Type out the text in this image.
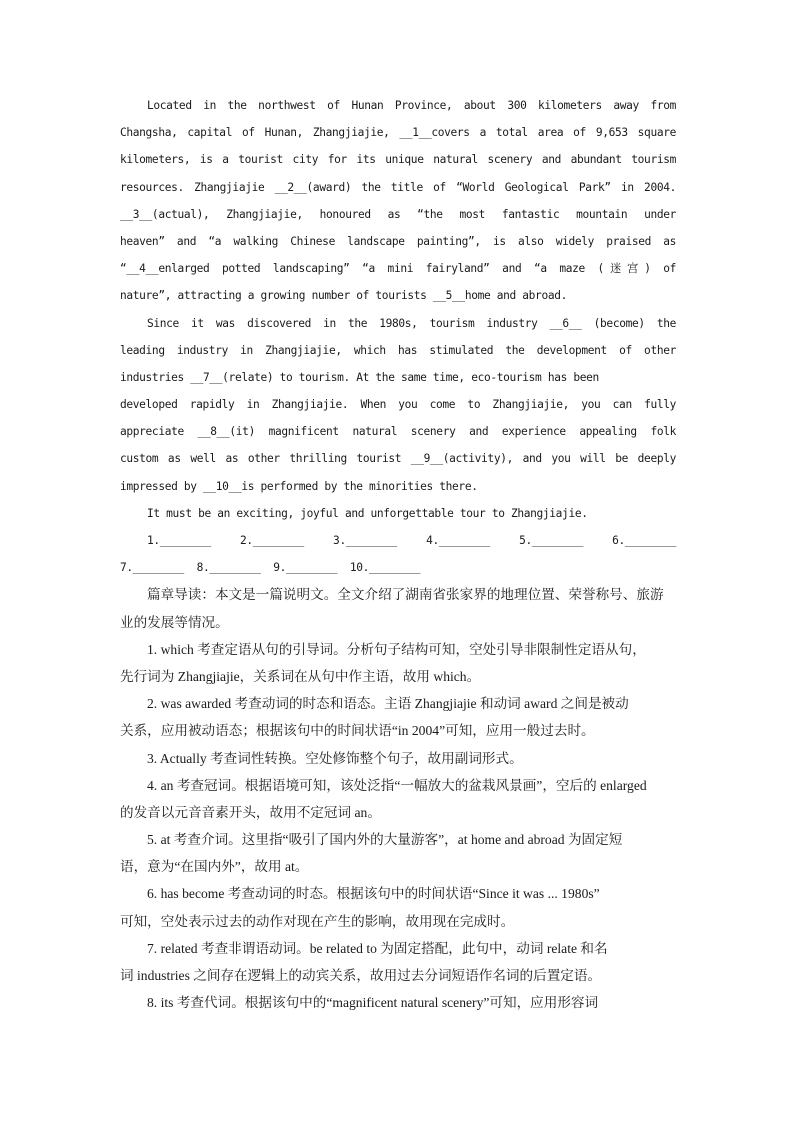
Located in the northwest of Hunan Province, about 300 kilometers away from
Changsha, capital of Hunan, Zhangjiajie, __1__covers a total area of 9,653 square
kilometers, is a tourist city for its unique natural scenery and abundant tourism
resources. Zhangjiajie __2__(award) the title of “World Geological Park” in 2004.
__3__(actual), Zhangjiajie, honoured as “the most fantastic mountain under
heaven” and “a walking Chinese landscape painting”, is also widely praised as
“__4__enlarged potted landscaping” “a mini fairyland” and “a maze (迷宫) of
nature”, attracting a growing number of tourists __5__home and abroad.
Since it was discovered in the 1980s, tourism industry __6__ (become) the
leading industry in Zhangjiajie, which has stimulated the development of other
industries __7__(relate) to tourism. At the same time, eco-tourism has been
developed rapidly in Zhangjiajie. When you come to Zhangjiajie, you can fully
appreciate __8__(it) magnificent natural scenery and experience appealing folk
custom as well as other thrilling tourist __9__(activity), and you will be deeply
impressed by __10__is performed by the minorities there.
It must be an exciting, joyful and unforgettable tour to Zhangjiajie.
1.________ 2.________ 3.________ 4.________ 5.________ 6.________
7.________  8.________  9.________  10.________
篇章导读：本文是一篇说明文。全文介绍了湖南省张家界的地理位置、荣誉称号、旅游
业的发展等情况。
1. which 考查定语从句的引导词。分析句子结构可知，空处引导非限制性定语从句，
先行词为 Zhangjiajie，关系词在从句中作主语，故用 which。
2. was awarded 考查动词的时态和语态。主语 Zhangjiajie 和动词 award 之间是被动
关系，应用被动语态；根据该句中的时间状语“in 2004”可知，应用一般过去时。
3. Actually 考查词性转换。空处修饰整个句子，故用副词形式。
4. an 考查冠词。根据语境可知，该处泛指“一幅放大的盆栽风景画”，空后的 enlarged
的发音以元音音素开头，故用不定冠词 an。
5. at 考查介词。这里指“吸引了国内外的大量游客”，at home and abroad 为固定短
语，意为“在国内外”，故用 at。
6. has become 考查动词的时态。根据该句中的时间状语“Since it was ... 1980s”
可知，空处表示过去的动作对现在产生的影响，故用现在完成时。
7. related 考查非谓语动词。be related to 为固定搭配，此句中，动词 relate 和名
词 industries 之间存在逻辑上的动宾关系，故用过去分词短语作名词的后置定语。
8. its 考查代词。根据该句中的“magnificent natural scenery”可知，应用形容词
